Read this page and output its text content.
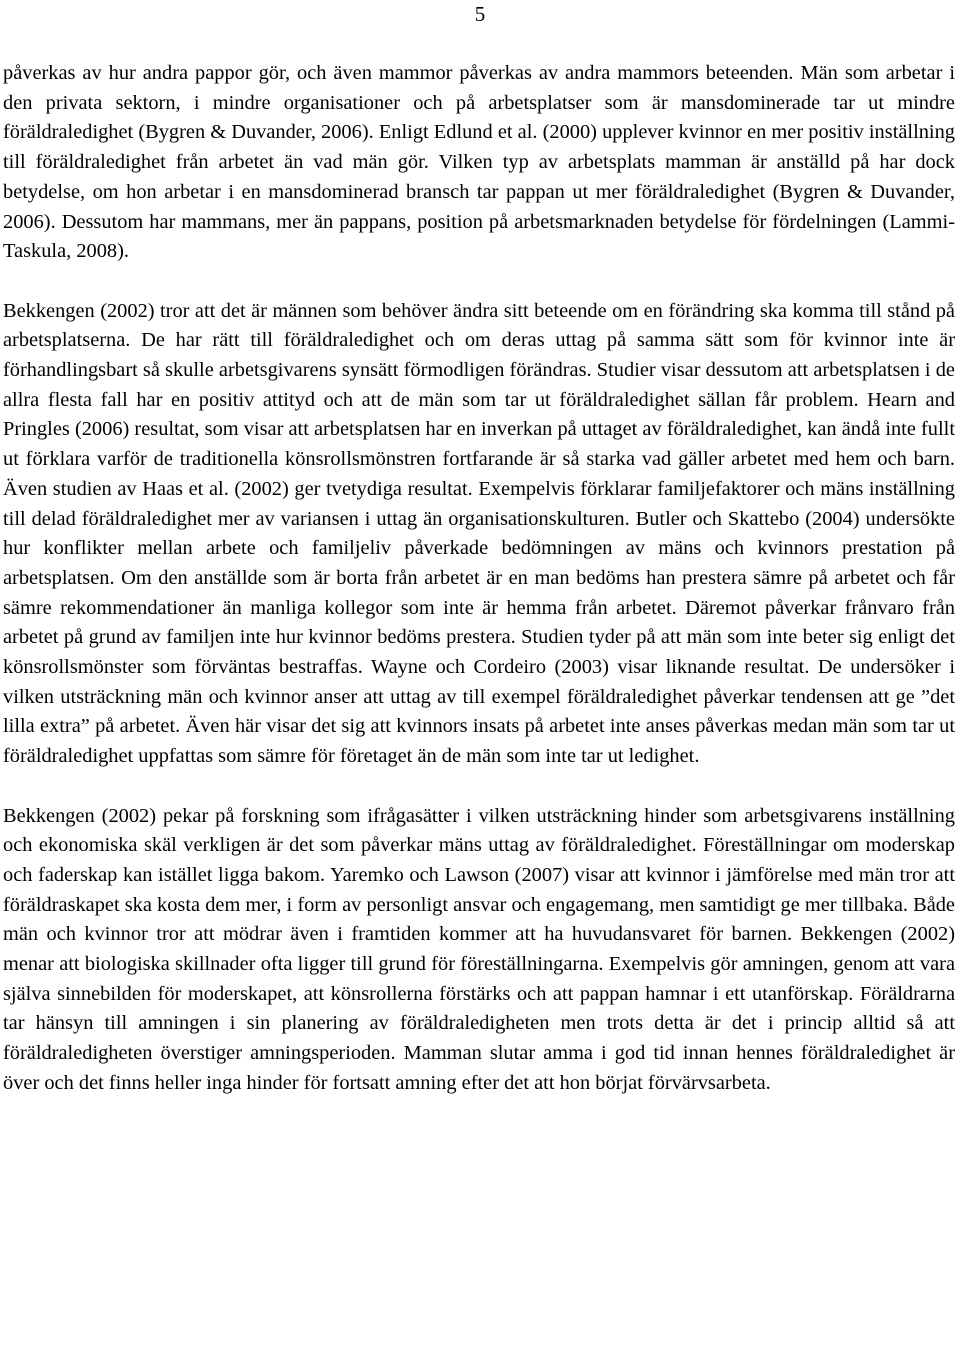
5

påverkas av hur andra pappor gör, och även mammor påverkas av andra mammors beteenden. Män som arbetar i den privata sektorn, i mindre organisationer och på arbetsplatser som är mansdominerade tar ut mindre föräldraledighet (Bygren & Duvander, 2006). Enligt Edlund et al. (2000) upplever kvinnor en mer positiv inställning till föräldraledighet från arbetet än vad män gör. Vilken typ av arbetsplats mamman är anställd på har dock betydelse, om hon arbetar i en mansdominerad bransch tar pappan ut mer föräldraledighet (Bygren & Duvander, 2006). Dessutom har mammans, mer än pappans, position på arbetsmarknaden betydelse för fördelningen (Lammi-Taskula, 2008).

Bekkengen (2002) tror att det är männen som behöver ändra sitt beteende om en förändring ska komma till stånd på arbetsplatserna. De har rätt till föräldraledighet och om deras uttag på samma sätt som för kvinnor inte är förhandlingsbart så skulle arbetsgivarens synsätt förmodligen förändras. Studier visar dessutom att arbetsplatsen i de allra flesta fall har en positiv attityd och att de män som tar ut föräldraledighet sällan får problem. Hearn and Pringles (2006) resultat, som visar att arbetsplatsen har en inverkan på uttaget av föräldraledighet, kan ändå inte fullt ut förklara varför de traditionella könsrollsmönstren fortfarande är så starka vad gäller arbetet med hem och barn. Även studien av Haas et al. (2002) ger tvetydiga resultat. Exempelvis förklarar familjefaktorer och mäns inställning till delad föräldraledighet mer av variansen i uttag än organisationskulturen. Butler och Skattebo (2004) undersökte hur konflikter mellan arbete och familjeliv påverkade bedömningen av mäns och kvinnors prestation på arbetsplatsen. Om den anställde som är borta från arbetet är en man bedöms han prestera sämre på arbetet och får sämre rekommendationer än manliga kollegor som inte är hemma från arbetet. Däremot påverkar frånvaro från arbetet på grund av familjen inte hur kvinnor bedöms prestera. Studien tyder på att män som inte beter sig enligt det könsrollsmönster som förväntas bestraffas. Wayne och Cordeiro (2003) visar liknande resultat. De undersöker i vilken utsträckning män och kvinnor anser att uttag av till exempel föräldraledighet påverkar tendensen att ge ”det lilla extra” på arbetet. Även här visar det sig att kvinnors insats på arbetet inte anses påverkas medan män som tar ut föräldraledighet uppfattas som sämre för företaget än de män som inte tar ut ledighet.

Bekkengen (2002) pekar på forskning som ifrågasätter i vilken utsträckning hinder som arbetsgivarens inställning och ekonomiska skäl verkligen är det som påverkar mäns uttag av föräldraledighet. Föreställningar om moderskap och faderskap kan istället ligga bakom. Yaremko och Lawson (2007) visar att kvinnor i jämförelse med män tror att föräldraskapet ska kosta dem mer, i form av personligt ansvar och engagemang, men samtidigt ge mer tillbaka. Både män och kvinnor tror att mödrar även i framtiden kommer att ha huvudansvaret för barnen. Bekkengen (2002) menar att biologiska skillnader ofta ligger till grund för föreställningarna. Exempelvis gör amningen, genom att vara själva sinnebilden för moderskapet, att könsrollerna förstärks och att pappan hamnar i ett utanförskap. Föräldrarna tar hänsyn till amningen i sin planering av föräldraledigheten men trots detta är det i princip alltid så att föräldraledigheten överstiger amningsperioden. Mamman slutar amma i god tid innan hennes föräldraledighet är över och det finns heller inga hinder för fortsatt amning efter det att hon börjat förvärvsarbeta.
